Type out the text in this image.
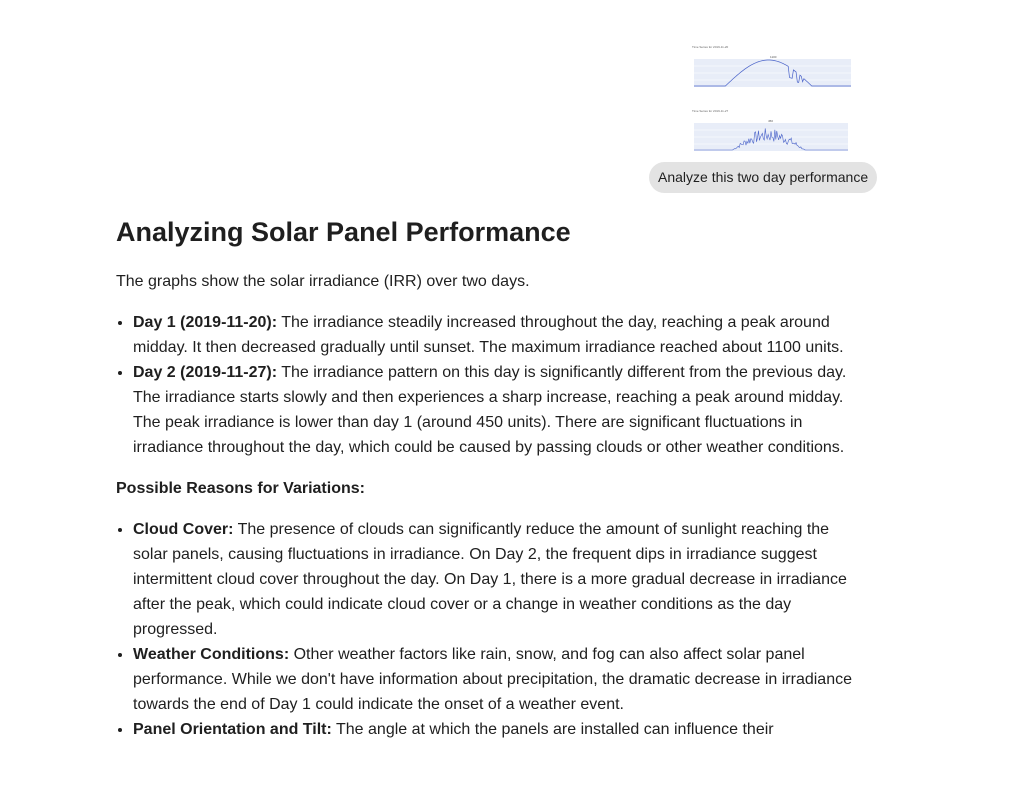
Time Series for 2019-11-20
1100
Time Series for 2019-11-27
450
Analyze this two day performance
Analyzing Solar Panel Performance

The graphs show the solar irradiance (IRR) over two days.

• Day 1 (2019-11-20): The irradiance steadily increased throughout the day, reaching a peak around midday. It then decreased gradually until sunset. The maximum irradiance reached about 1100 units.
• Day 2 (2019-11-27): The irradiance pattern on this day is significantly different from the previous day. The irradiance starts slowly and then experiences a sharp increase, reaching a peak around midday. The peak irradiance is lower than day 1 (around 450 units). There are significant fluctuations in irradiance throughout the day, which could be caused by passing clouds or other weather conditions.

Possible Reasons for Variations:

• Cloud Cover: The presence of clouds can significantly reduce the amount of sunlight reaching the solar panels, causing fluctuations in irradiance. On Day 2, the frequent dips in irradiance suggest intermittent cloud cover throughout the day. On Day 1, there is a more gradual decrease in irradiance after the peak, which could indicate cloud cover or a change in weather conditions as the day progressed.
• Weather Conditions: Other weather factors like rain, snow, and fog can also affect solar panel performance. While we don't have information about precipitation, the dramatic decrease in irradiance towards the end of Day 1 could indicate the onset of a weather event.
• Panel Orientation and Tilt: The angle at which the panels are installed can influence their
